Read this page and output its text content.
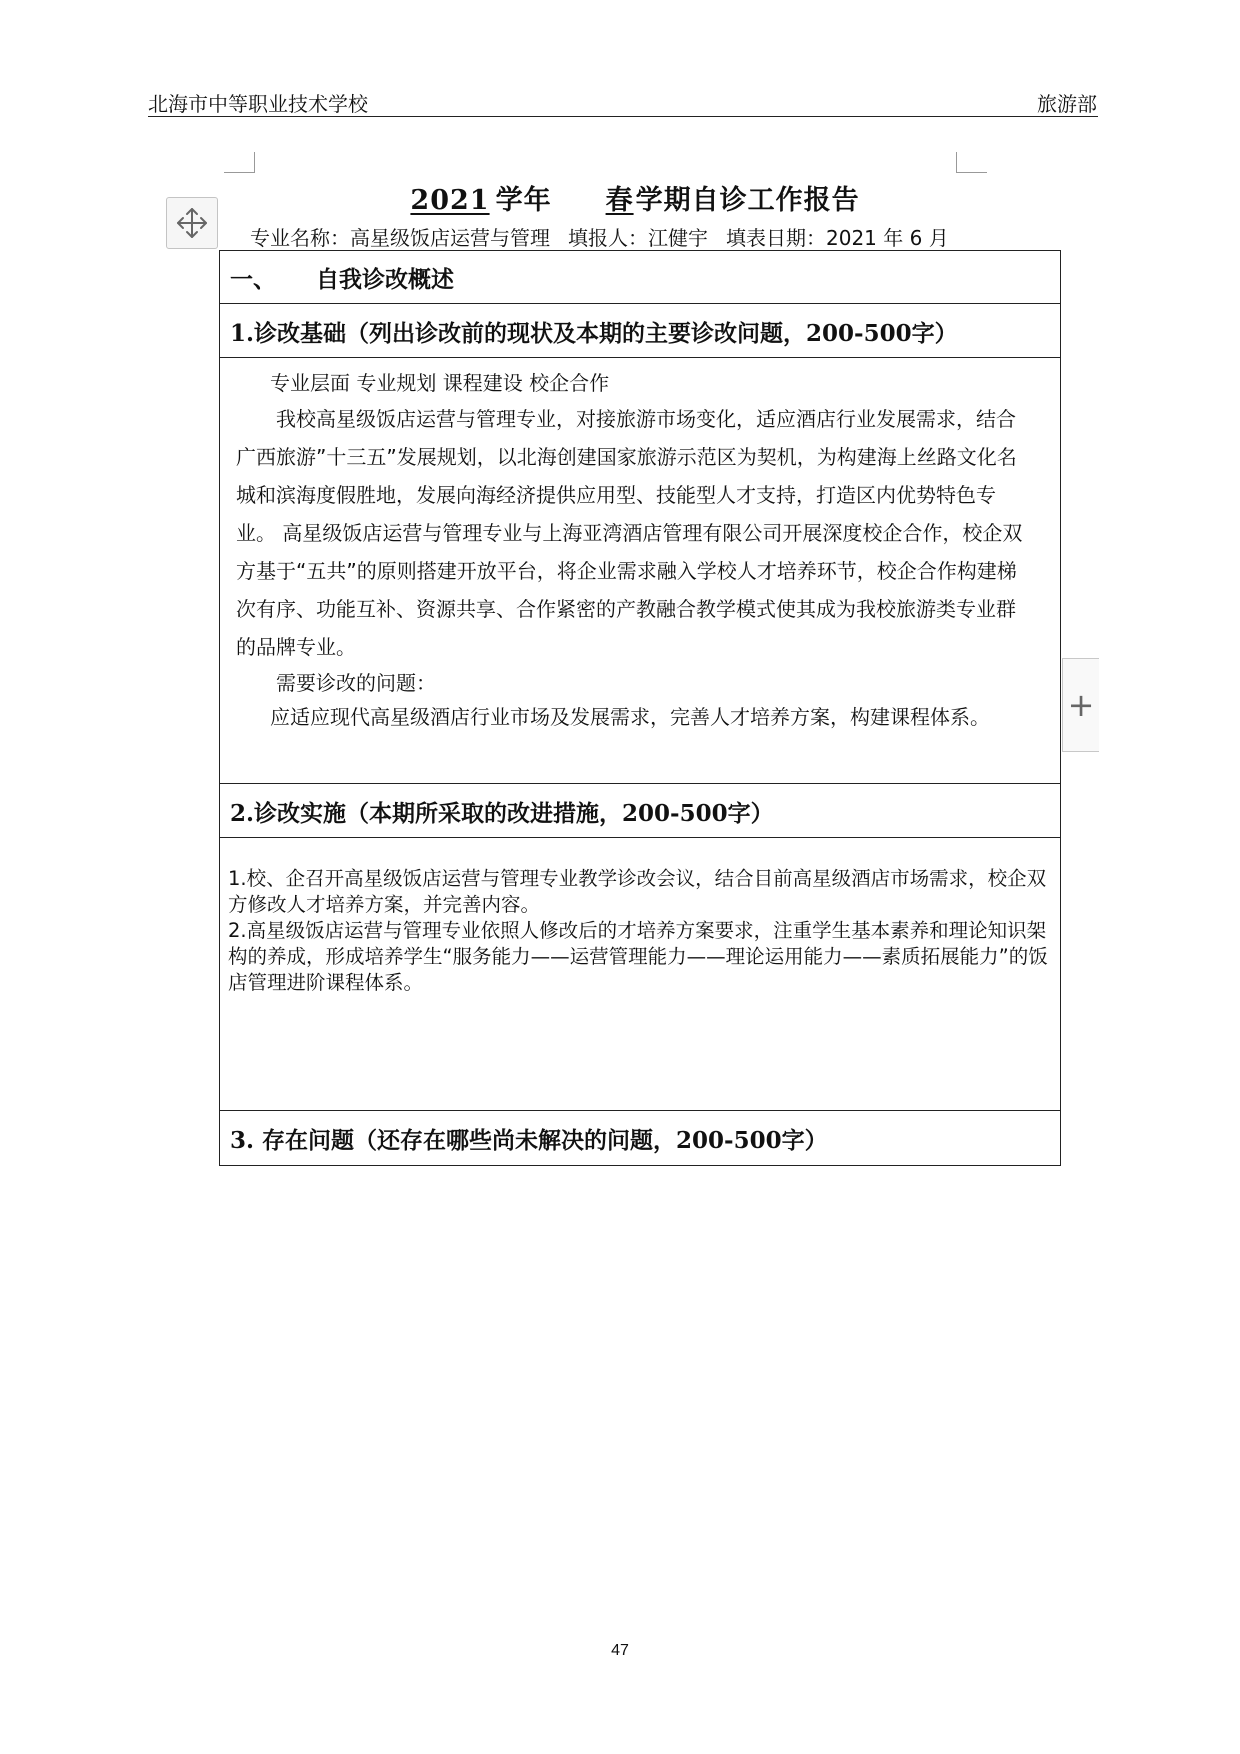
北海市中等职业技术学校	旅游部
+
2021 学年 春学期自诊工作报告
专业名称：高星级饭店运营与管理 填报人：江健宇 填表日期：2021 年 6 月
一、 自我诊改概述
1.诊改基础（列出诊改前的现状及本期的主要诊改问题，200-500字）
专业层面 专业规划 课程建设 校企合作

我校高星级饭店运营与管理专业，对接旅游市场变化，适应酒店行业发展需求，结合广西旅游”十三五”发展规划，以北海创建国家旅游示范区为契机，为构建海上丝路文化名城和滨海度假胜地，发展向海经济提供应用型、技能型人才支持，打造区内优势特色专业。 高星级饭店运营与管理专业与上海亚湾酒店管理有限公司开展深度校企合作，校企双方基于“五共”的原则搭建开放平台，将企业需求融入学校人才培养环节，校企合作构建梯次有序、功能互补、资源共享、合作紧密的产教融合教学模式使其成为我校旅游类专业群的品牌专业。

需要诊改的问题：
应适应现代高星级酒店行业市场及发展需求，完善人才培养方案，构建课程体系。
2.诊改实施（本期所采取的改进措施，200-500字）

1.校、企召开高星级饭店运营与管理专业教学诊改会议，结合目前高星级酒店市场需求，校企双方修改人才培养方案，并完善内容。

2.高星级饭店运营与管理专业依照人修改后的才培养方案要求，注重学生基本素养和理论知识架构的养成，形成培养学生“服务能力——运营管理能力——理论运用能力——素质拓展能力”的饭店管理进阶课程体系。

3. 存在问题（还存在哪些尚未解决的问题，200-500字）
47
